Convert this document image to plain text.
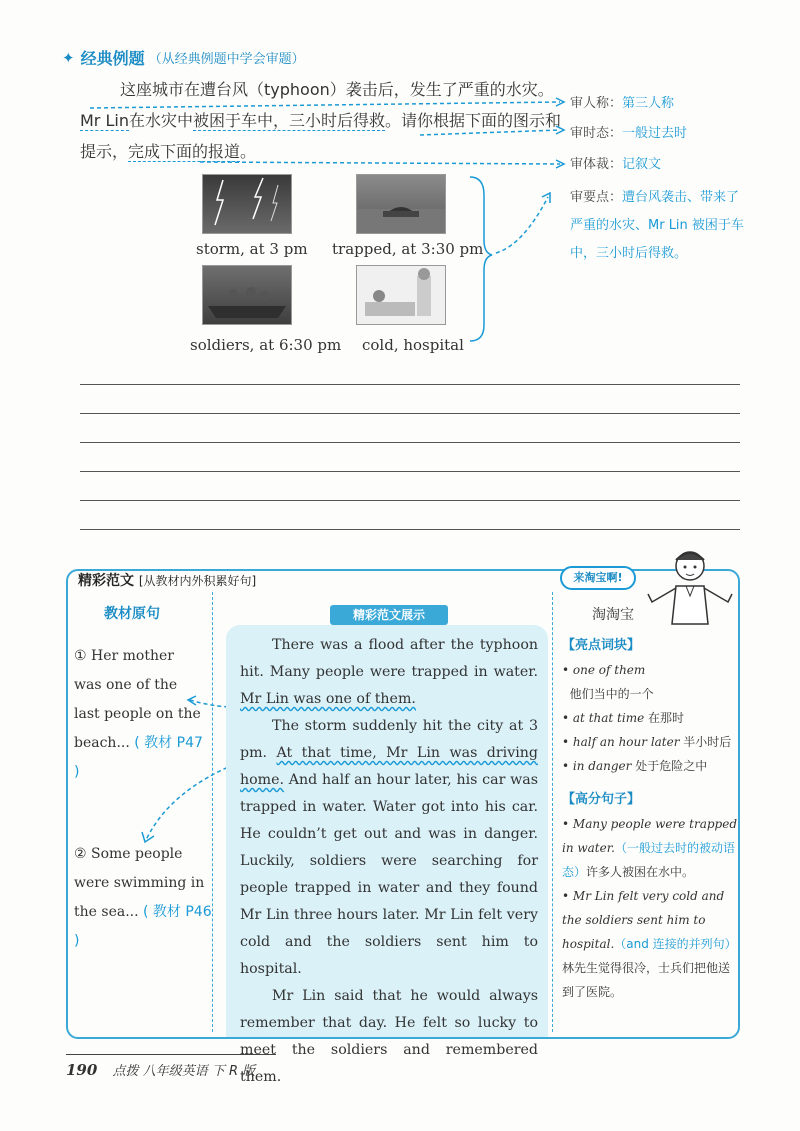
✦ 经典例题 （从经典例题中学会审题）
这座城市在遭台风（typhoon）袭击后，发生了严重的水灾。Mr Lin在水灾中被困于车中，三小时后得救。请你根据下面的图示和提示，完成下面的报道。
审人称：第三人称
审时态：一般过去时
审体裁：记叙文
审要点：遭台风袭击、带来了严重的水灾、Mr Lin 被困于车中，三小时后得救。
storm, at 3 pm trapped, at 3:30 pm
soldiers, at 6:30 pm cold, hospital
精彩范文 [从教材内外积累好句]	来淘宝啊!
教材原句	精彩范文展示	淘淘宝
① Her mother was one of the last people on the beach... ( 教材 P47 )
② Some people were swimming in the sea... ( 教材 P46 )

There was a flood after the typhoon hit. Many people were trapped in water. Mr Lin was one of them.

The storm suddenly hit the city at 3 pm. At that time, Mr Lin was driving home. And half an hour later, his car was trapped in water. Water got into his car. He couldn’t get out and was in danger. Luckily, soldiers were searching for people trapped in water and they found Mr Lin three hours later. Mr Lin felt very cold and the soldiers sent him to hospital.

Mr Lin said that he would always remember that day. He felt so lucky to meet the soldiers and remembered them.

【亮点词块】
• one of them
他们当中的一个
• at that time 在那时
• half an hour later 半小时后
• in danger 处于危险之中
【高分句子】
• Many people were trapped in water.（一般过去时的被动语态）许多人被困在水中。
• Mr Lin felt very cold and the soldiers sent him to hospital.（and 连接的并列句）林先生觉得很冷，士兵们把他送到了医院。
190 点拨 八年级英语 下 R 版
